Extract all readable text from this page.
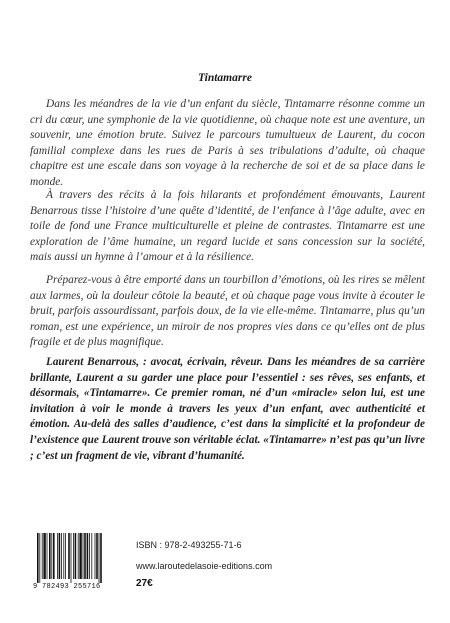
Tintamarre

Dans les méandres de la vie d’un enfant du siècle, Tintamarre résonne comme un cri du cœur, une symphonie de la vie quotidienne, où chaque note est une aventure, un souvenir, une émotion brute. Suivez le parcours tumultueux de Laurent, du cocon familial complexe dans les rues de Paris à ses tribulations d’adulte, où chaque chapitre est une escale dans son voyage à la recherche de soi et de sa place dans le monde.

À travers des récits à la fois hilarants et profondément émouvants, Laurent Benarrous tisse l’histoire d’une quête d’identité, de l’enfance à l’âge adulte, avec en toile de fond une France multiculturelle et pleine de contrastes. Tintamarre est une exploration de l’âme humaine, un regard lucide et sans concession sur la société, mais aussi un hymne à l’amour et à la résilience.

Préparez-vous à être emporté dans un tourbillon d’émotions, où les rires se mêlent aux larmes, où la douleur côtoie la beauté, et où chaque page vous invite à écouter le bruit, parfois assourdissant, parfois doux, de la vie elle-même. Tintamarre, plus qu’un roman, est une expérience, un miroir de nos propres vies dans ce qu’elles ont de plus fragile et de plus magnifique.

Laurent Benarrous, : avocat, écrivain, rêveur. Dans les méandres de sa carrière brillante, Laurent a su garder une place pour l’essentiel : ses rêves, ses enfants, et désormais, «Tintamarre». Ce premier roman, né d’un «miracle» selon lui, est une invitation à voir le monde à travers les yeux d’un enfant, avec authenticité et émotion. Au-delà des salles d’audience, c’est dans la simplicité et la profondeur de l’existence que Laurent trouve son véritable éclat. «Tintamarre» n’est pas qu’un livre ; c’est un fragment de vie, vibrant d’humanité.

9 782493 255716
ISBN : 978-2-493255-71-6
www.laroutedelasoie-editions.com
27€
